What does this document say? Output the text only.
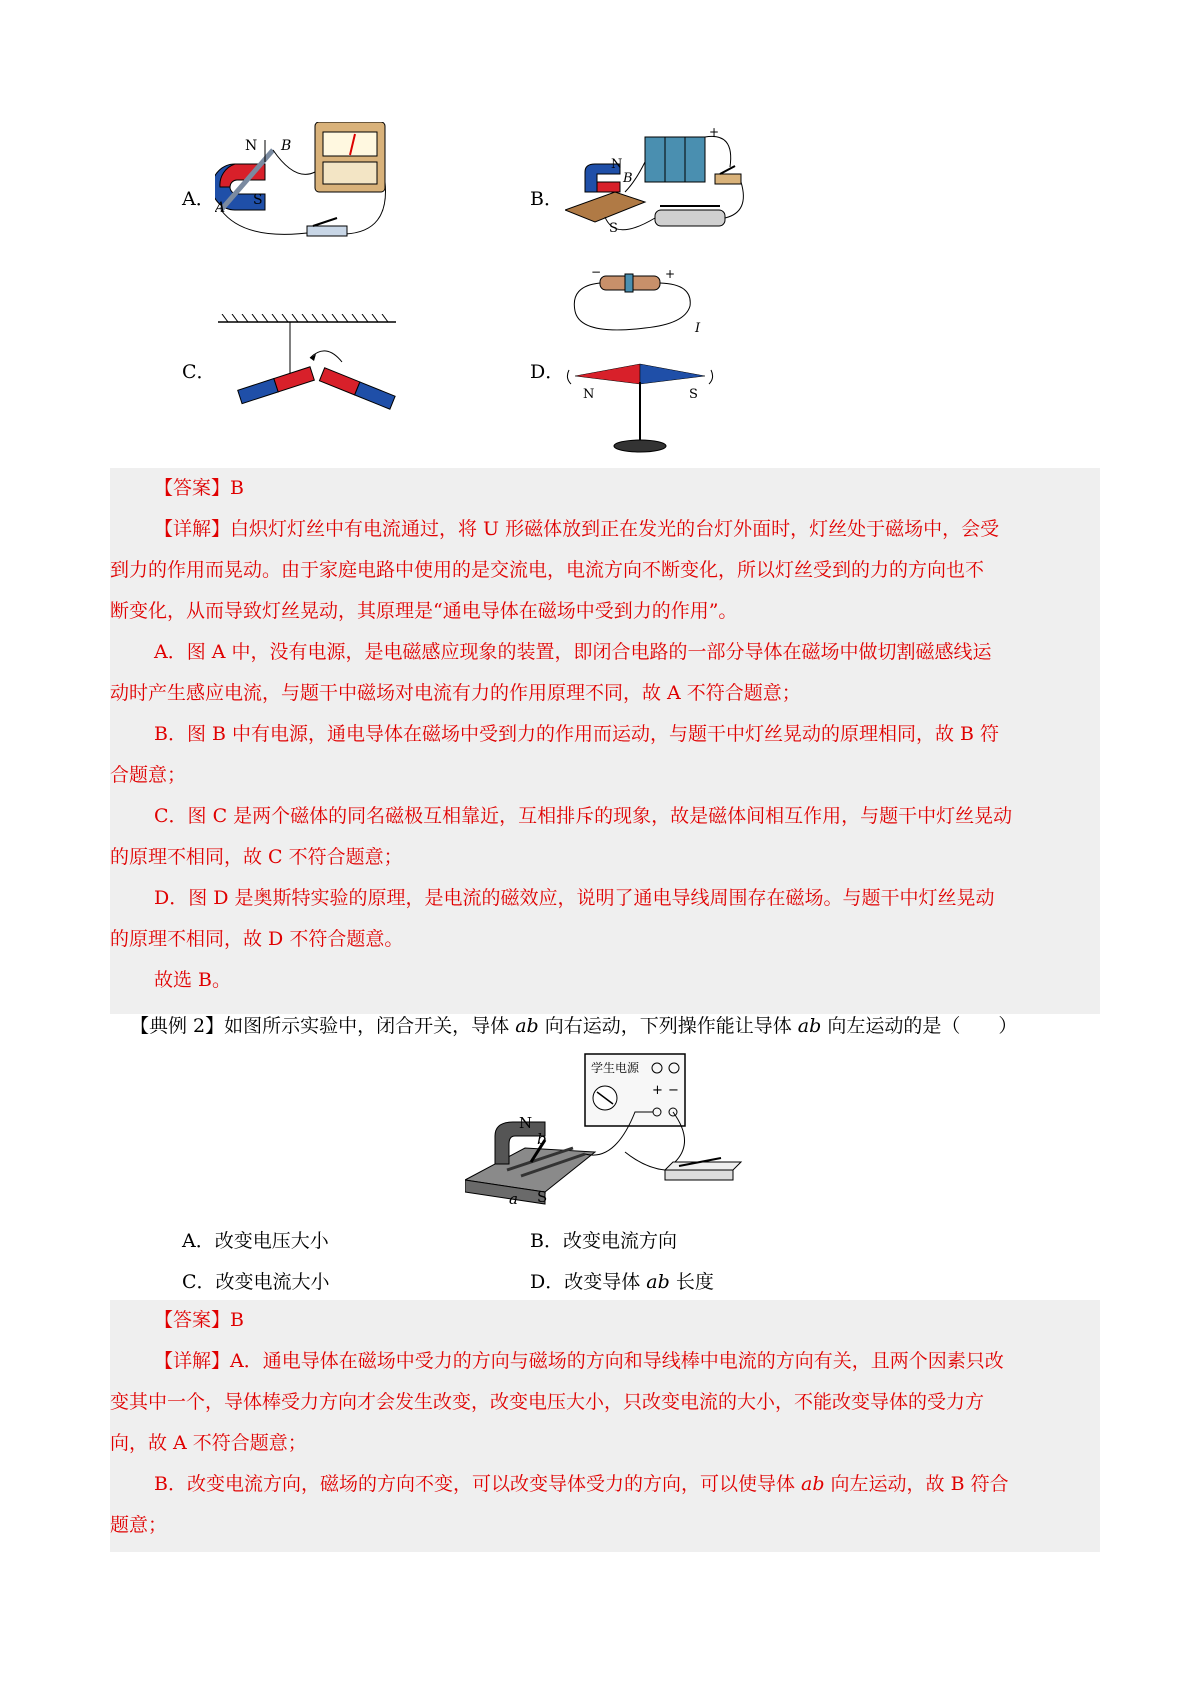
A．
N
S
A
B
B．
N
S
B
+
C．	D．
−	+
I
N	S
【答案】B
【详解】白炽灯灯丝中有电流通过，将 U 形磁体放到正在发光的台灯外面时，灯丝处于磁场中，会受
到力的作用而晃动。由于家庭电路中使用的是交流电，电流方向不断变化，所以灯丝受到的力的方向也不
断变化，从而导致灯丝晃动，其原理是“通电导体在磁场中受到力的作用”。
A．图 A 中，没有电源，是电磁感应现象的装置，即闭合电路的一部分导体在磁场中做切割磁感线运
动时产生感应电流，与题干中磁场对电流有力的作用原理不同，故 A 不符合题意；
B．图 B 中有电源，通电导体在磁场中受到力的作用而运动，与题干中灯丝晃动的原理相同，故 B 符
合题意；
C．图 C 是两个磁体的同名磁极互相靠近，互相排斥的现象，故是磁体间相互作用，与题干中灯丝晃动
的原理不相同，故 C 不符合题意；
D．图 D 是奥斯特实验的原理，是电流的磁效应，说明了通电导线周围存在磁场。与题干中灯丝晃动
的原理不相同，故 D 不符合题意。
故选 B。
【典例 2】如图所示实验中，闭合开关，导体 ab 向右运动，下列操作能让导体 ab 向左运动的是（　　）
学生电源
+ −
N
b
a S
A．改变电压大小	B．改变电流方向
C．改变电流大小	D．改变导体 ab 长度
【答案】B
【详解】A．通电导体在磁场中受力的方向与磁场的方向和导线棒中电流的方向有关，且两个因素只改
变其中一个，导体棒受力方向才会发生改变，改变电压大小，只改变电流的大小，不能改变导体的受力方
向，故 A 不符合题意；
B．改变电流方向，磁场的方向不变，可以改变导体受力的方向，可以使导体 ab 向左运动，故 B 符合
题意；
